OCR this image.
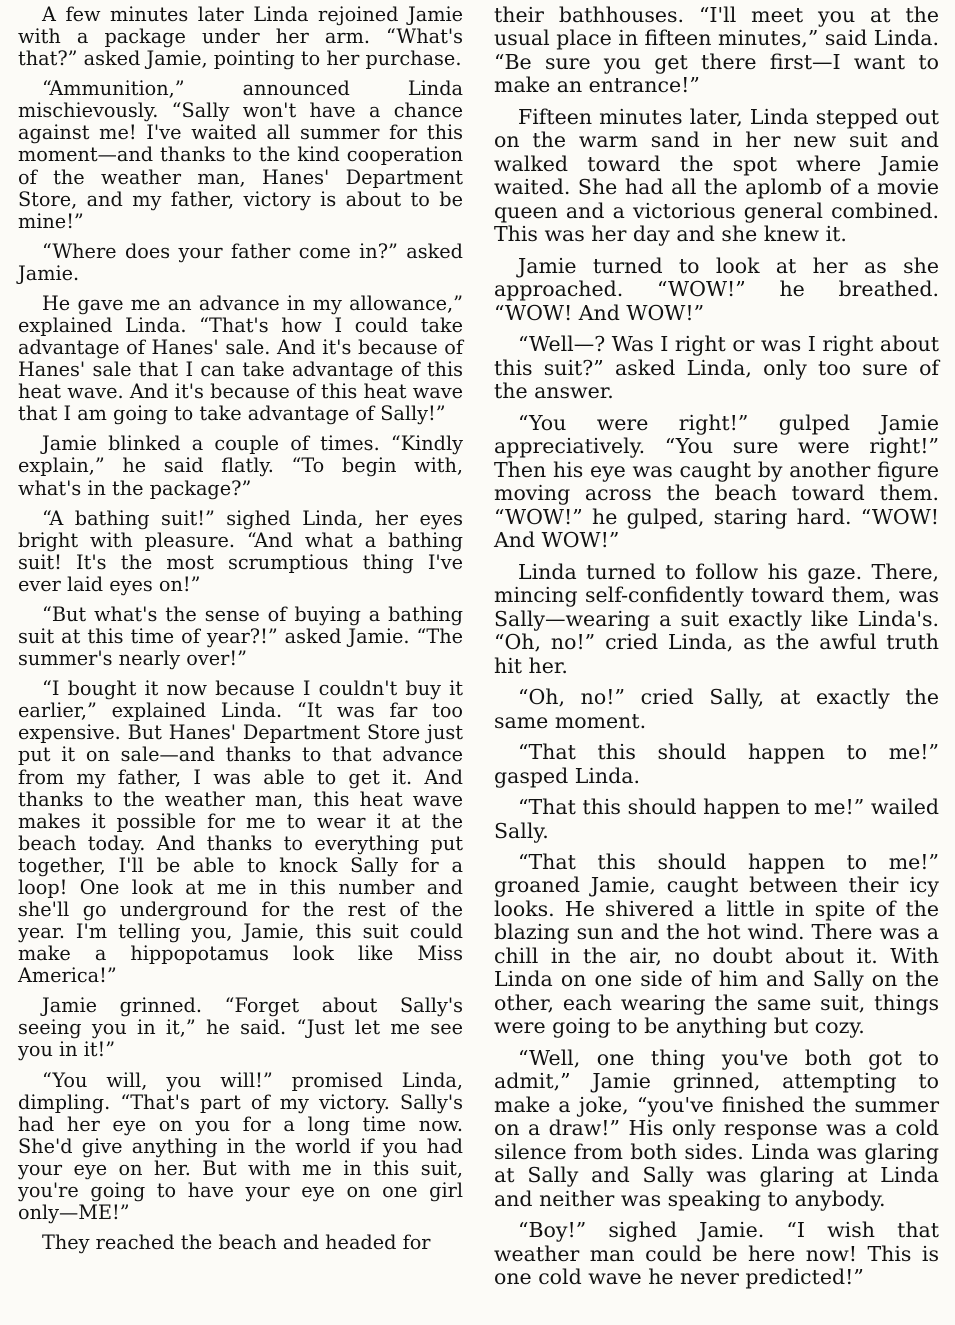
A few minutes later Linda rejoined Jamie with a package under her arm. “What's that?” asked Jamie, pointing to her purchase.

“Ammunition,” announced Linda mischievously. “Sally won't have a chance against me! I've waited all summer for this moment—and thanks to the kind cooperation of the weather man, Hanes' Department Store, and my father, victory is about to be mine!”

“Where does your father come in?” asked Jamie.

He gave me an advance in my allowance,” explained Linda. “That's how I could take advantage of Hanes' sale. And it's because of Hanes' sale that I can take advantage of this heat wave. And it's because of this heat wave that I am going to take advantage of Sally!”

Jamie blinked a couple of times. “Kindly explain,” he said flatly. “To begin with, what's in the package?”

“A bathing suit!” sighed Linda, her eyes bright with pleasure. “And what a bathing suit! It's the most scrumptious thing I've ever laid eyes on!”

“But what's the sense of buying a bathing suit at this time of year?!” asked Jamie. “The summer's nearly over!”

“I bought it now because I couldn't buy it earlier,” explained Linda. “It was far too expensive. But Hanes' Department Store just put it on sale—and thanks to that advance from my father, I was able to get it. And thanks to the weather man, this heat wave makes it possible for me to wear it at the beach today. And thanks to everything put together, I'll be able to knock Sally for a loop! One look at me in this number and she'll go underground for the rest of the year. I'm telling you, Jamie, this suit could make a hippopotamus look like Miss America!”

Jamie grinned. “Forget about Sally's seeing you in it,” he said. “Just let me see you in it!”

“You will, you will!” promised Linda, dimpling. “That's part of my victory. Sally's had her eye on you for a long time now. She'd give anything in the world if you had your eye on her. But with me in this suit, you're going to have your eye on one girl only—ME!”

They reached the beach and headed for

their bathhouses. “I'll meet you at the usual place in fifteen minutes,” said Linda. “Be sure you get there first—I want to make an entrance!”

Fifteen minutes later, Linda stepped out on the warm sand in her new suit and walked toward the spot where Jamie waited. She had all the aplomb of a movie queen and a victorious general combined. This was her day and she knew it.

Jamie turned to look at her as she approached. “WOW!” he breathed. “WOW! And WOW!”

“Well—? Was I right or was I right about this suit?” asked Linda, only too sure of the answer.

“You were right!” gulped Jamie appreciatively. “You sure were right!” Then his eye was caught by another figure moving across the beach toward them. “WOW!” he gulped, staring hard. “WOW! And WOW!”

Linda turned to follow his gaze. There, mincing self-confidently toward them, was Sally—wearing a suit exactly like Linda's. “Oh, no!” cried Linda, as the awful truth hit her.

“Oh, no!” cried Sally, at exactly the same moment.

“That this should happen to me!” gasped Linda.

“That this should happen to me!” wailed Sally.

“That this should happen to me!” groaned Jamie, caught between their icy looks. He shivered a little in spite of the blazing sun and the hot wind. There was a chill in the air, no doubt about it. With Linda on one side of him and Sally on the other, each wearing the same suit, things were going to be anything but cozy.

“Well, one thing you've both got to admit,” Jamie grinned, attempting to make a joke, “you've finished the summer on a draw!” His only response was a cold silence from both sides. Linda was glaring at Sally and Sally was glaring at Linda and neither was speaking to anybody.

“Boy!” sighed Jamie. “I wish that weather man could be here now! This is one cold wave he never predicted!”
